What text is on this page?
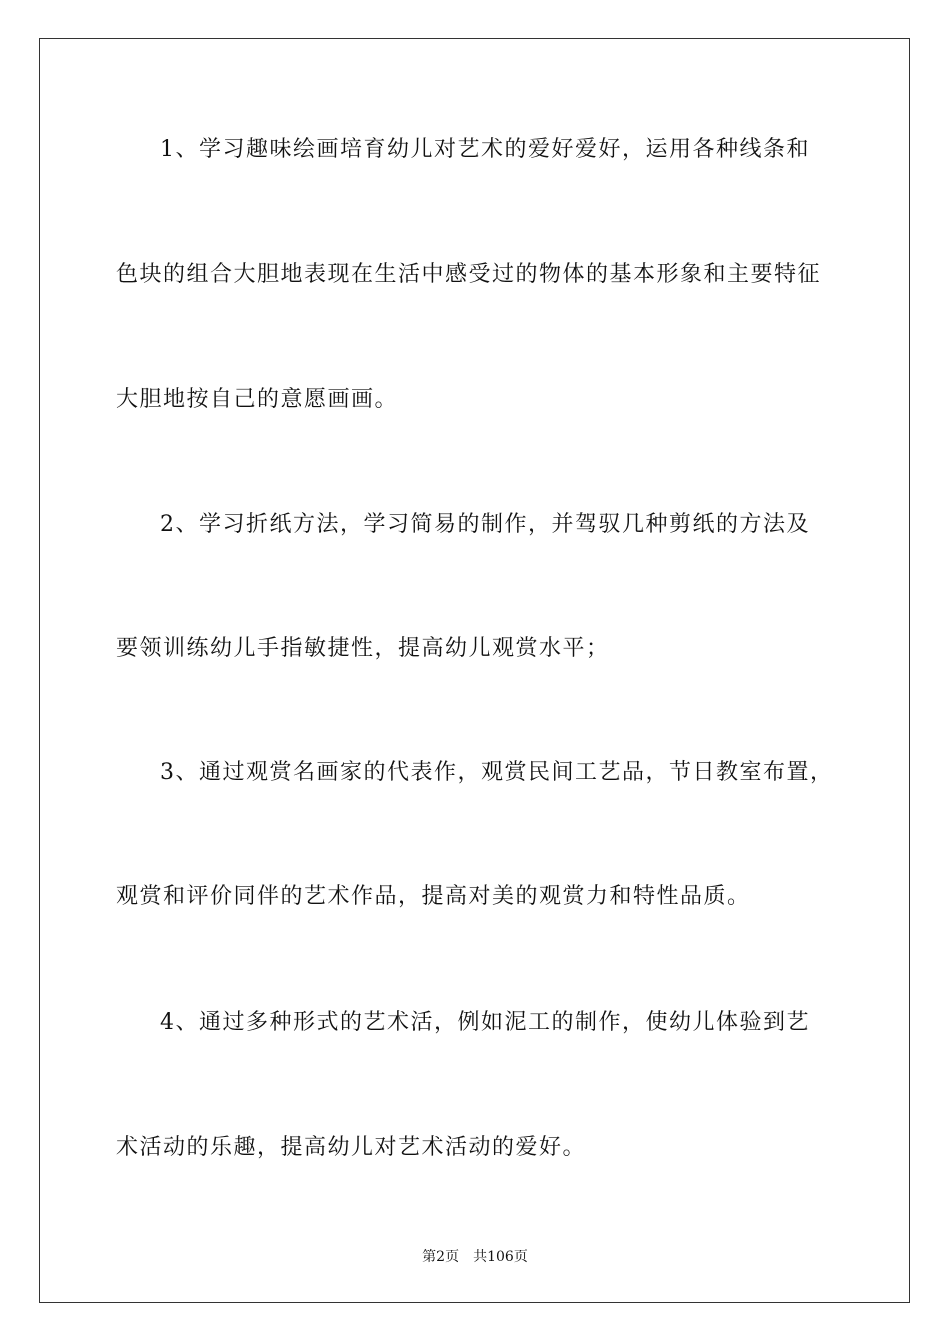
1、学习趣味绘画培育幼儿对艺术的爱好爱好，运用各种线条和
色块的组合大胆地表现在生活中感受过的物体的基本形象和主要特征
大胆地按自己的意愿画画。
2、学习折纸方法，学习简易的制作，并驾驭几种剪纸的方法及
要领训练幼儿手指敏捷性，提高幼儿观赏水平；
3、通过观赏名画家的代表作，观赏民间工艺品，节日教室布置，
观赏和评价同伴的艺术作品，提高对美的观赏力和特性品质。
4、通过多种形式的艺术活，例如泥工的制作，使幼儿体验到艺
术活动的乐趣，提高幼儿对艺术活动的爱好。
第2页 共106页
